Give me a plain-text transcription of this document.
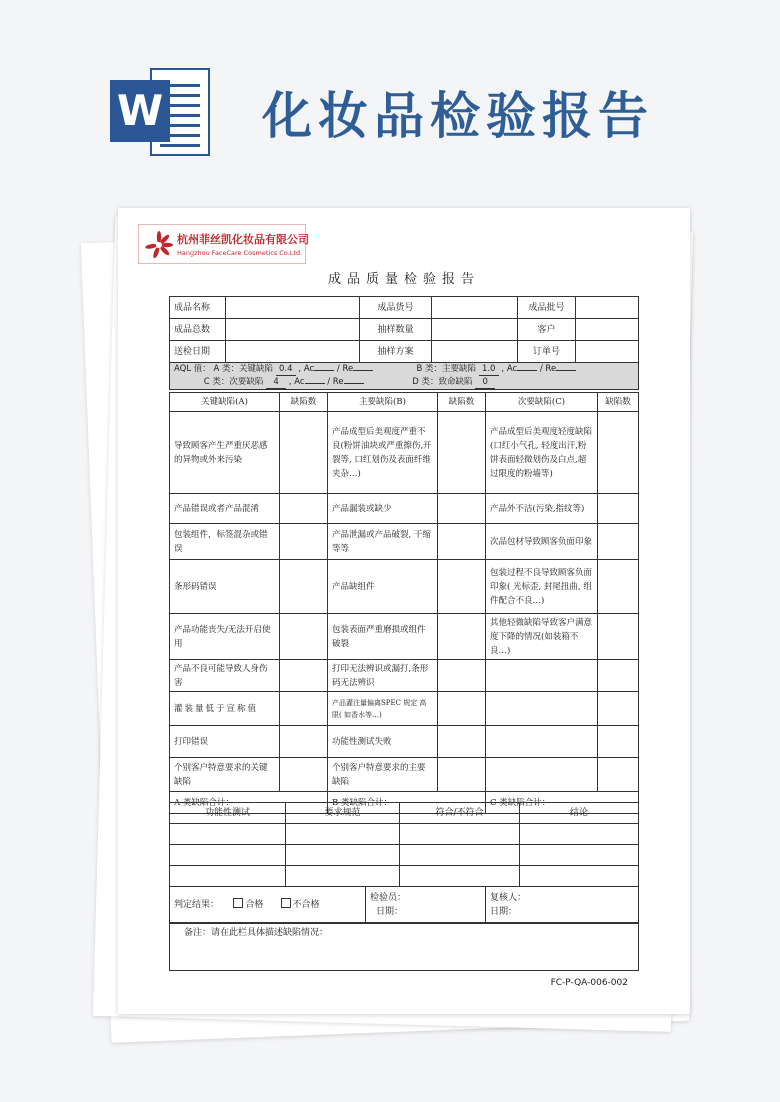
W 化妆品检验报告
杭州菲丝凯化妆品有限公司
Hangzhou FaceCare Cosmetics Co.Ltd.
成品质量检验报告
成品名称		成品货号		成品批号	
成品总数		抽样数量		客户	
送检日期		抽样方案		订单号	
AQL 值： A 类：关键缺陷 0.4 , Ac	/ Re	B 类：主要缺陷 1.0 , Ac	/ Re
C 类：次要缺陷 4 , Ac	/ Re	D 类：致命缺陷 0
关键缺陷(A)	缺陷数	主要缺陷(B)	缺陷数	次要缺陷(C)	缺陷数
导致顾客产生严重厌恶感的异物或外来污染		产品成型后美观度严重不良(粉饼油块或严重擦伤,开裂等, 口红划伤及表面纤维夹杂…)		产品成型后美观度轻度缺陷(口红小气孔, 轻度出汗,粉饼表面轻微划伤及白点,超过限度的粉墙等)	
产品错误或者产品混淆		产品漏装或缺少		产品外不洁(污染,指纹等)	
包装组件，标签混杂或错误		产品泄漏或产品破裂, 干缩等等		次品包材导致顾客负面印象	
条形码错误		产品缺组件		包装过程不良导致顾客负面 印象( 光标歪, 封尾扭曲, 组件配合不良…)	
产品功能丧失/无法开启使用		包装表面严重磨损或组件破裂		其他轻微缺陷导致客户满意度下降的情况(如装箱不良…)	
产品不良可能导致人身伤害		打印无法辨识或漏打,条形码无法辨识			
灌装量低于宣称值		产品灌注量偏离SPEC 规定 高限( 如香水等…)			
打印错误		功能性测试失败			
个别客户特意要求的关键缺陷		个别客户特意要求的主要缺陷			
A 类缺陷合计：		B 类缺陷合计：		C 类缺陷合计：	
功能性测试	要求规范	符合/不符合	结论

判定结果：	合格	不合格	
检验员：
日期：

复核人：
日期：
备注：请在此栏具体描述缺陷情况：
FC-P-QA-006-002
